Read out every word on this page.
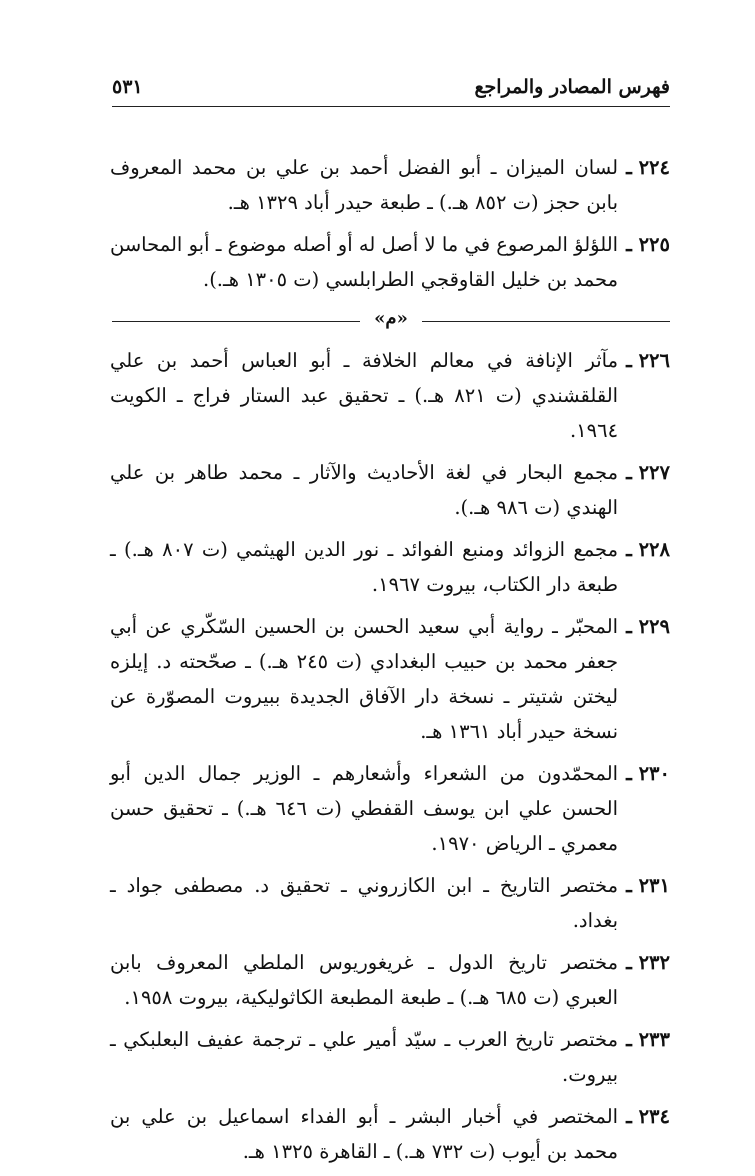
فهرس المصادر والمراجع
٥٣١
٢٢٤ ـ
لسان الميزان ـ أبو الفضل أحمد بن علي بن محمد المعروف بابن حجز (ت ٨٥٢ هـ.) ـ طبعة حيدر أباد ١٣٢٩ هـ.
٢٢٥ ـ
اللؤلؤ المرصوع في ما لا أصل له أو أصله موضوع ـ أبو المحاسن محمد بن خليل القاوقجي الطرابلسي (ت ١٣٠٥ هـ.).
«م»
٢٢٦ ـ
مآثر الإنافة في معالم الخلافة ـ أبو العباس أحمد بن علي القلقشندي (ت ٨٢١ هـ.) ـ تحقيق عبد الستار فراج ـ الكويت ١٩٦٤.
٢٢٧ ـ
مجمع البحار في لغة الأحاديث والآثار ـ محمد طاهر بن علي الهندي (ت ٩٨٦ هـ.).
٢٢٨ ـ
مجمع الزوائد ومنبع الفوائد ـ نور الدين الهيثمي (ت ٨٠٧ هـ.) ـ طبعة دار الكتاب، بيروت ١٩٦٧.
٢٢٩ ـ
المحبّر ـ رواية أبي سعيد الحسن بن الحسين السّكّري عن أبي جعفر محمد بن حبيب البغدادي (ت ٢٤٥ هـ.) ـ صحّحته د. إيلزه ليختن شتيتر ـ نسخة دار الآفاق الجديدة ببيروت المصوّرة عن نسخة حيدر أباد ١٣٦١ هـ.
٢٣٠ ـ
المحمّدون من الشعراء وأشعارهم ـ الوزير جمال الدين أبو الحسن علي ابن يوسف القفطي (ت ٦٤٦ هـ.) ـ تحقيق حسن معمري ـ الرياض ١٩٧٠.
٢٣١ ـ
مختصر التاريخ ـ ابن الكازروني ـ تحقيق د. مصطفى جواد ـ بغداد.
٢٣٢ ـ
مختصر تاريخ الدول ـ غريغوريوس الملطي المعروف بابن العبري (ت ٦٨٥ هـ.) ـ طبعة المطبعة الكاثوليكية، بيروت ١٩٥٨.
٢٣٣ ـ
مختصر تاريخ العرب ـ سيّد أمير علي ـ ترجمة عفيف البعلبكي ـ بيروت.
٢٣٤ ـ
المختصر في أخبار البشر ـ أبو الفداء اسماعيل بن علي بن محمد بن أيوب (ت ٧٣٢ هـ.) ـ القاهرة ١٣٢٥ هـ.
